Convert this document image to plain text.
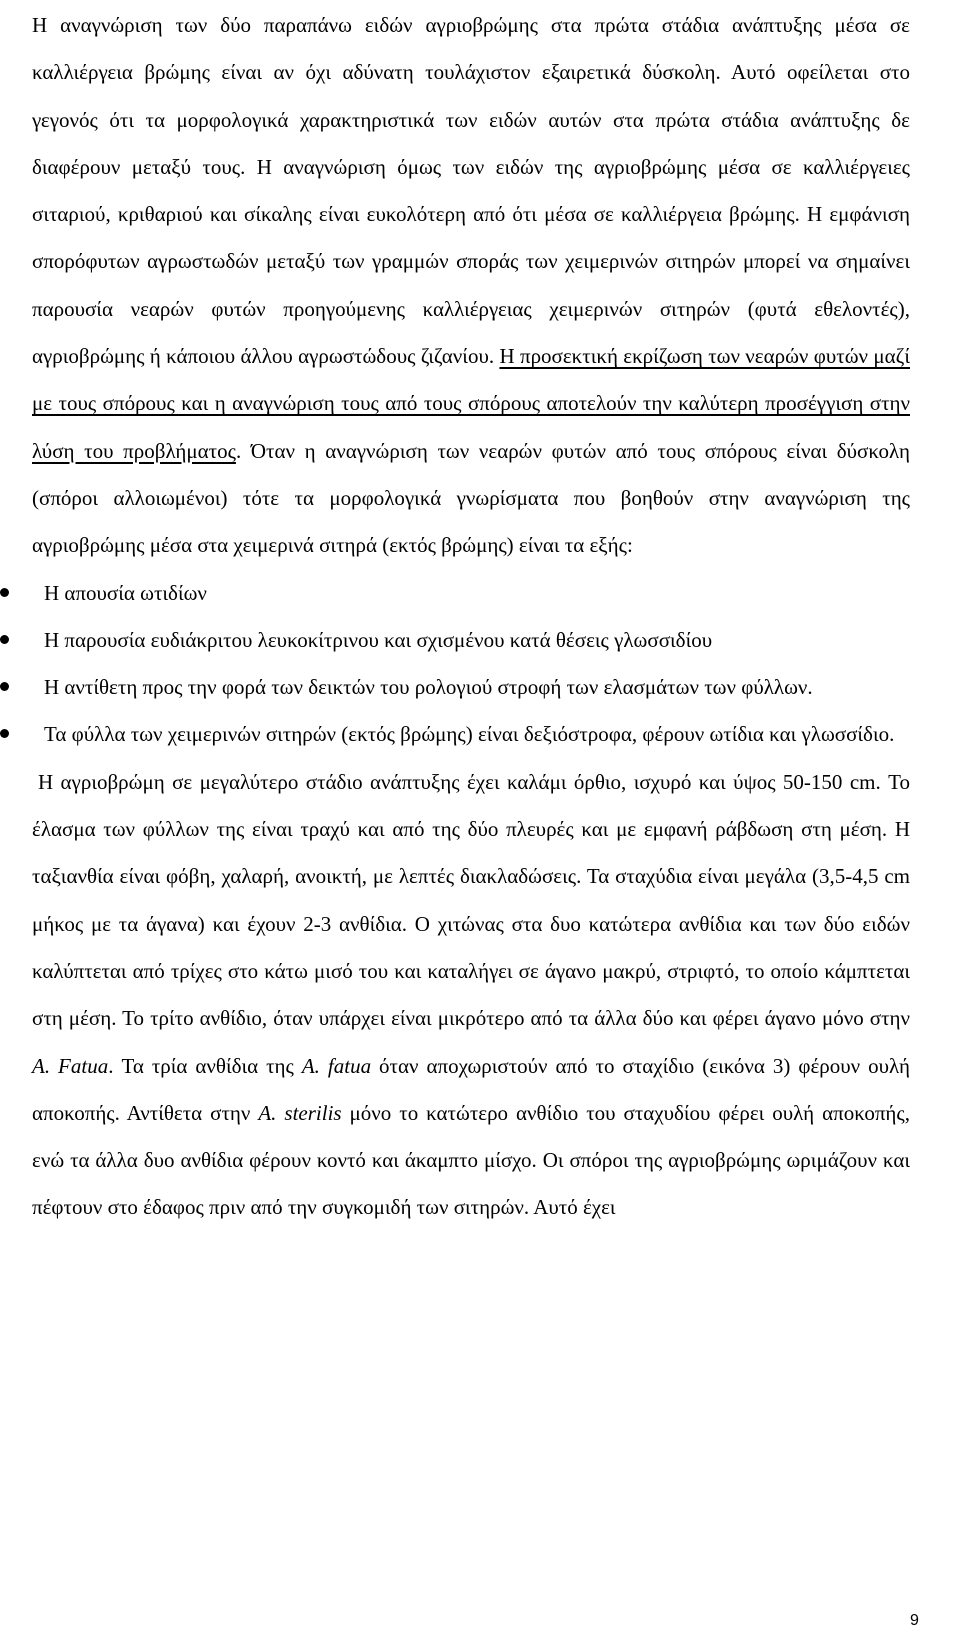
Η αναγνώριση των δύο παραπάνω ειδών αγριοβρώμης στα πρώτα στάδια ανάπτυξης μέσα σε καλλιέργεια βρώμης είναι αν όχι αδύνατη τουλάχιστον εξαιρετικά δύσκολη. Αυτό οφείλεται στο γεγονός ότι τα μορφολογικά χαρακτηριστικά των ειδών αυτών στα πρώτα στάδια ανάπτυξης δε διαφέρουν μεταξύ τους. Η αναγνώριση όμως των ειδών της αγριοβρώμης μέσα σε καλλιέργειες σιταριού, κριθαριού και σίκαλης είναι ευκολότερη από ότι μέσα σε καλλιέργεια βρώμης. Η εμφάνιση σπορόφυτων αγρωστωδών μεταξύ των γραμμών σποράς των χειμερινών σιτηρών μπορεί να σημαίνει παρουσία νεαρών φυτών προηγούμενης καλλιέργειας χειμερινών σιτηρών (φυτά εθελοντές), αγριοβρώμης ή κάποιου άλλου αγρωστώδους ζιζανίου. Η προσεκτική εκρίζωση των νεαρών φυτών μαζί με τους σπόρους και η αναγνώριση τους από τους σπόρους αποτελούν την καλύτερη προσέγγιση στην λύση του προβλήματος. Όταν η αναγνώριση των νεαρών φυτών από τους σπόρους είναι δύσκολη (σπόροι αλλοιωμένοι) τότε τα μορφολογικά γνωρίσματα που βοηθούν στην αναγνώριση της αγριοβρώμης μέσα στα χειμερινά σιτηρά (εκτός βρώμης) είναι τα εξής:

Η απουσία ωτιδίων
Η παρουσία ευδιάκριτου λευκοκίτρινου και σχισμένου κατά θέσεις γλωσσιδίου
Η αντίθετη προς την φορά των δεικτών του ρολογιού στροφή των ελασμάτων των φύλλων.
Τα φύλλα των χειμερινών σιτηρών (εκτός βρώμης) είναι δεξιόστροφα, φέρουν ωτίδια και γλωσσίδιο.

Η αγριοβρώμη σε μεγαλύτερο στάδιο ανάπτυξης έχει καλάμι όρθιο, ισχυρό και ύψος 50-150 cm. Το έλασμα των φύλλων της είναι τραχύ και από της δύο πλευρές και με εμφανή ράβδωση στη μέση. Η ταξιανθία είναι φόβη, χαλαρή, ανοικτή, με λεπτές διακλαδώσεις. Τα σταχύδια είναι μεγάλα (3,5-4,5 cm μήκος με τα άγανα) και έχουν 2-3 ανθίδια. Ο χιτώνας στα δυο κατώτερα ανθίδια και των δύο ειδών καλύπτεται από τρίχες στο κάτω μισό του και καταλήγει σε άγανο μακρύ, στριφτό, το οποίο κάμπτεται στη μέση. Το τρίτο ανθίδιο, όταν υπάρχει είναι μικρότερο από τα άλλα δύο και φέρει άγανο μόνο στην A. Fatua. Τα τρία ανθίδια της A. fatua όταν αποχωριστούν από το σταχίδιο (εικόνα 3) φέρουν ουλή αποκοπής. Αντίθετα στην A. sterilis μόνο το κατώτερο ανθίδιο του σταχυδίου φέρει ουλή αποκοπής, ενώ τα άλλα δυο ανθίδια φέρουν κοντό και άκαμπτο μίσχο. Οι σπόροι της αγριοβρώμης ωριμάζουν και πέφτουν στο έδαφος πριν από την συγκομιδή των σιτηρών. Αυτό έχει

9
